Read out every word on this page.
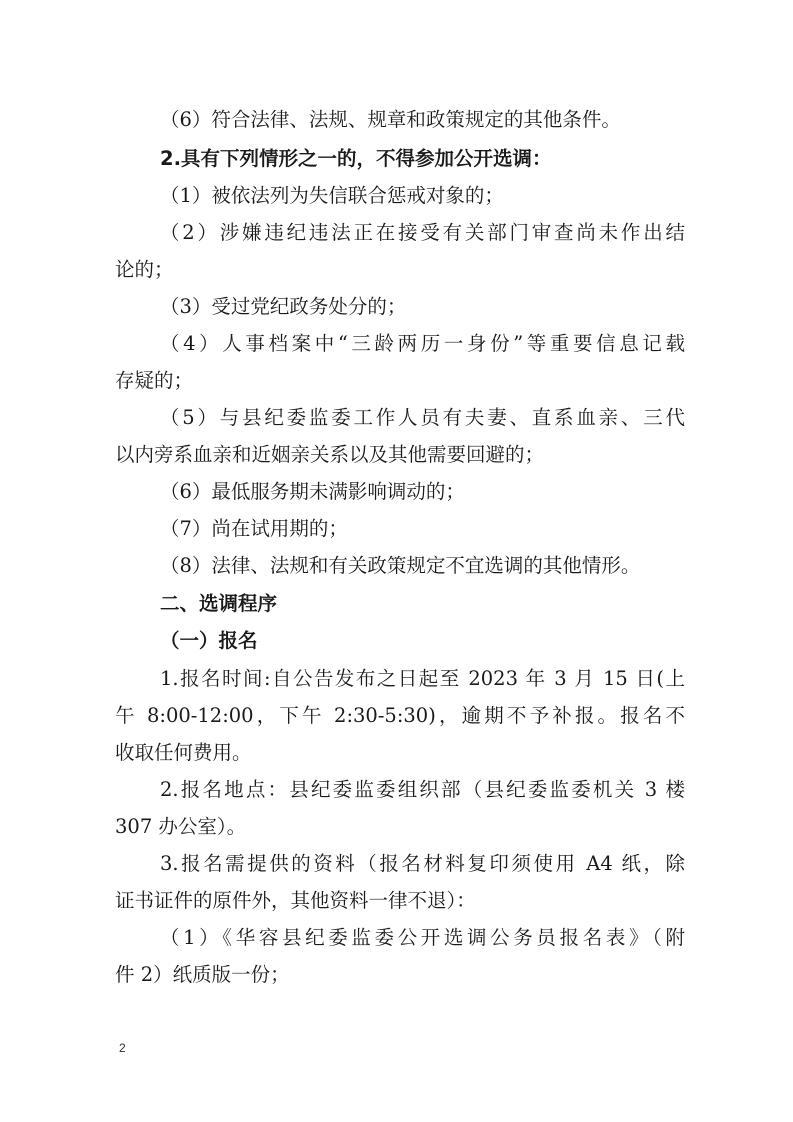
（6）符合法律、法规、规章和政策规定的其他条件。
2.具有下列情形之一的，不得参加公开选调：
（1）被依法列为失信联合惩戒对象的；
（2）涉嫌违纪违法正在接受有关部门审查尚未作出结
论的；
（3）受过党纪政务处分的；
（4）人事档案中“三龄两历一身份”等重要信息记载
存疑的；
（5）与县纪委监委工作人员有夫妻、直系血亲、三代
以内旁系血亲和近姻亲关系以及其他需要回避的；
（6）最低服务期未满影响调动的；
（7）尚在试用期的；
（8）法律、法规和有关政策规定不宜选调的其他情形。
二、选调程序
（一）报名
1.报名时间:自公告发布之日起至 2023 年 3 月 15 日(上
午 8:00-12:00，下午 2:30-5:30)，逾期不予补报。报名不
收取任何费用。
2.报名地点：县纪委监委组织部（县纪委监委机关 3 楼
307 办公室）。
3.报名需提供的资料（报名材料复印须使用 A4 纸，除
证书证件的原件外，其他资料一律不退）：
（1）《华容县纪委监委公开选调公务员报名表》（附
件 2）纸质版一份；
2
